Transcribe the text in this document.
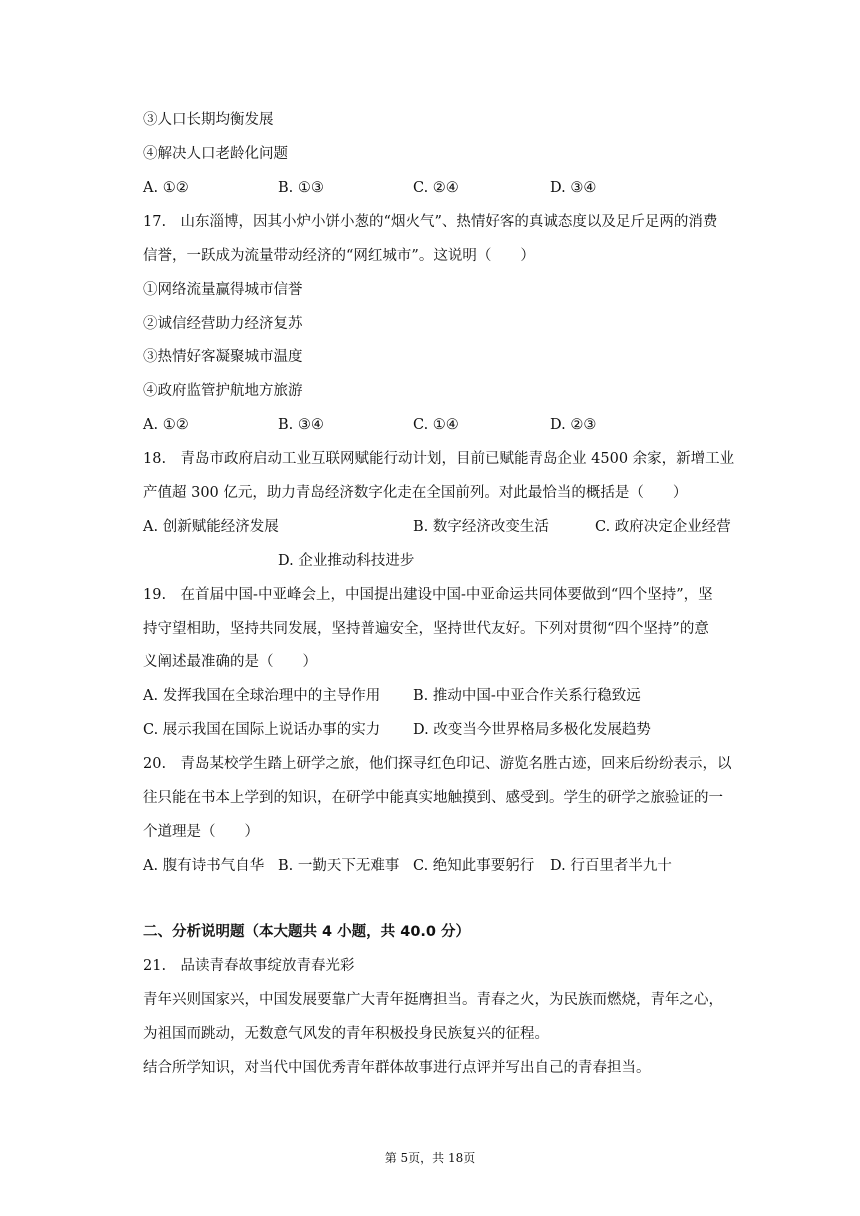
③人口长期均衡发展
④解决人口老龄化问题
A. ①②	B. ①③	C. ②④	D. ③④
17.　山东淄博，因其小炉小饼小葱的“烟火气”、热情好客的真诚态度以及足斤足两的消费
信誉，一跃成为流量带动经济的“网红城市”。这说明（　　）
①网络流量赢得城市信誉
②诚信经营助力经济复苏
③热情好客凝聚城市温度
④政府监管护航地方旅游
A. ①②	B. ③④	C. ①④	D. ②③
18.　青岛市政府启动工业互联网赋能行动计划，目前已赋能青岛企业 4500 余家，新增工业
产值超 300 亿元，助力青岛经济数字化走在全国前列。对此最恰当的概括是（　　）
A. 创新赋能经济发展	B. 数字经济改变生活	C. 政府决定企业经营
D. 企业推动科技进步
19.　在首届中国-中亚峰会上，中国提出建设中国-中亚命运共同体要做到“四个坚持”，坚
持守望相助，坚持共同发展，坚持普遍安全，坚持世代友好。下列对贯彻“四个坚持”的意
义阐述最准确的是（　　）
A. 发挥我国在全球治理中的主导作用 B. 推动中国-中亚合作关系行稳致远
C. 展示我国在国际上说话办事的实力 D. 改变当今世界格局多极化发展趋势
20.　青岛某校学生踏上研学之旅，他们探寻红色印记、游览名胜古迹，回来后纷纷表示，以
往只能在书本上学到的知识，在研学中能真实地触摸到、感受到。学生的研学之旅验证的一
个道理是（　　）
A. 腹有诗书气自华 B. 一勤天下无难事 C. 绝知此事要躬行 D. 行百里者半九十
二、分析说明题（本大题共 4 小题，共 40.0 分）
21.　品读青春故事绽放青春光彩
青年兴则国家兴，中国发展要靠广大青年挺膺担当。青春之火，为民族而燃烧，青年之心，
为祖国而跳动，无数意气风发的青年积极投身民族复兴的征程。
结合所学知识，对当代中国优秀青年群体故事进行点评并写出自己的青春担当。
第 5页，共 18页
